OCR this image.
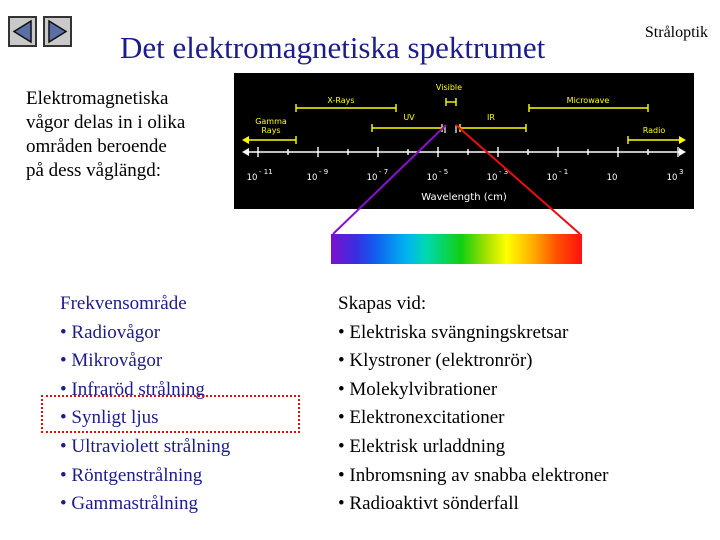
Stråloptik
Det elektromagnetiska spektrumet
Elektromagnetiska
vågor delas in i olika
områden beroende
på dess våglängd:
Visible
X-Rays	Microwave
Gamma
Rays
UV	IR
Radio
10
- 11
10
- 9
10
- 7
10
- 5
10
- 3
10
- 1
10	10
3
Wavelength (cm)
Frekvensområde
• Radiovågor
• Mikrovågor
• Infraröd strålning
• Synligt ljus
• Ultraviolett strålning
• Röntgenstrålning
• Gammastrålning
Skapas vid:
• Elektriska svängningskretsar
• Klystroner (elektronrör)
• Molekylvibrationer
• Elektronexcitationer
• Elektrisk urladdning
• Inbromsning av snabba elektroner
• Radioaktivt sönderfall
